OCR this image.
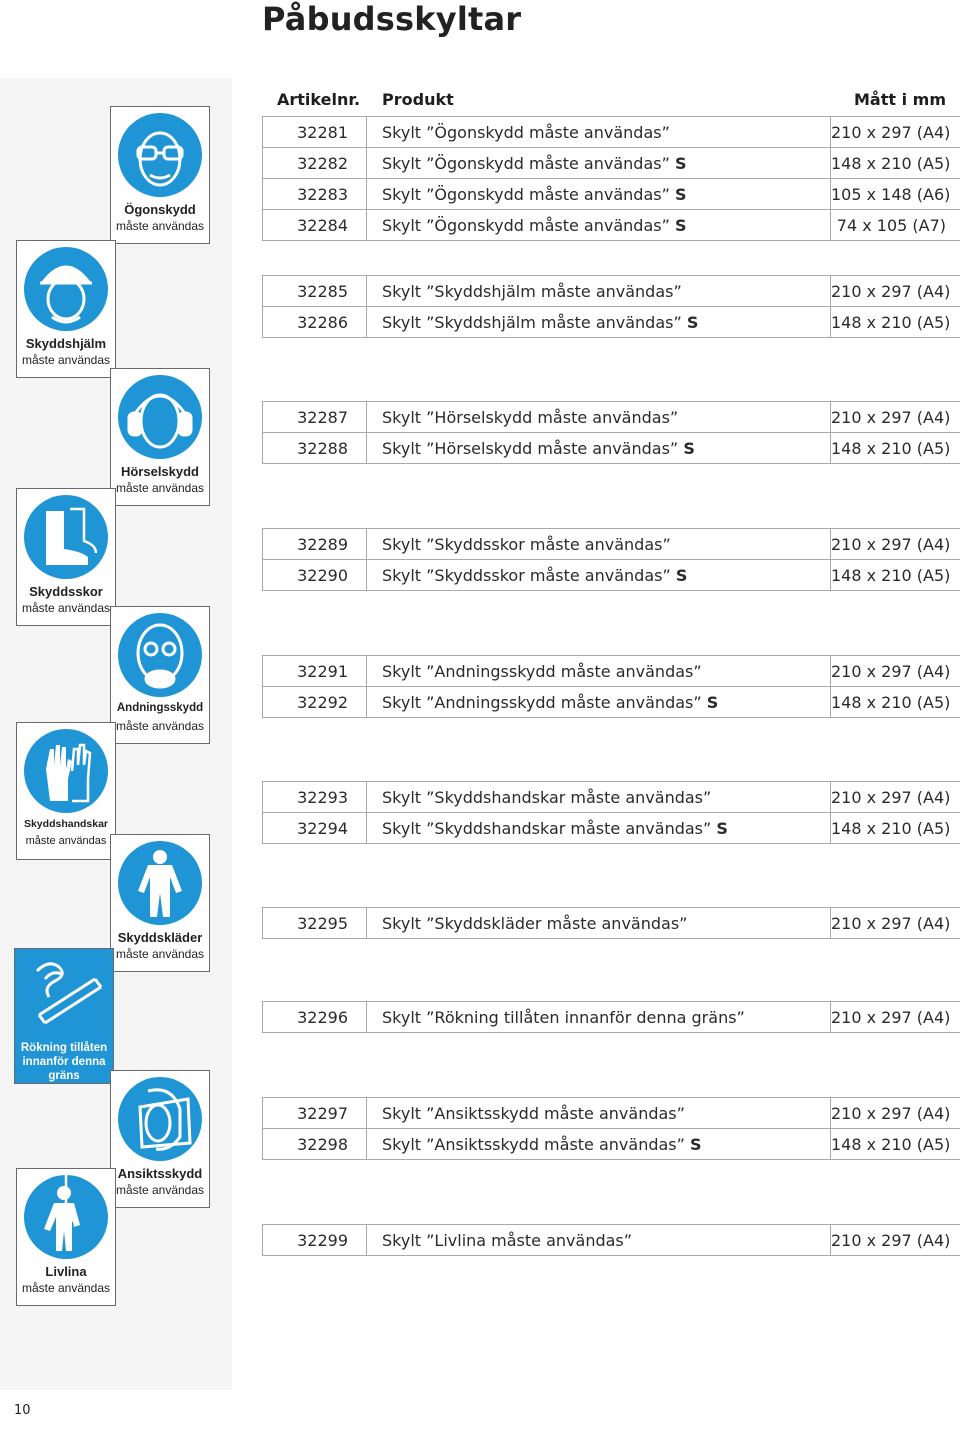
Påbudsskyltar
Artikelnr. Produkt	Mått i mm
32281	Skylt ”Ögonskydd måste användas”	210 x 297 (A4)
32282	Skylt ”Ögonskydd måste användas” S	148 x 210 (A5)
32283	Skylt ”Ögonskydd måste användas” S	105 x 148 (A6)
32284	Skylt ”Ögonskydd måste användas” S	74 x 105 (A7)
32285	Skylt ”Skyddshjälm måste användas”	210 x 297 (A4)
32286	Skylt ”Skyddshjälm måste användas” S	148 x 210 (A5)
32287	Skylt ”Hörselskydd måste användas”	210 x 297 (A4)
32288	Skylt ”Hörselskydd måste användas” S	148 x 210 (A5)
32289	Skylt ”Skyddsskor måste användas”	210 x 297 (A4)
32290	Skylt ”Skyddsskor måste användas” S	148 x 210 (A5)
32291	Skylt ”Andningsskydd måste användas”	210 x 297 (A4)
32292	Skylt ”Andningsskydd måste användas” S	148 x 210 (A5)
32293	Skylt ”Skyddshandskar måste användas”	210 x 297 (A4)
32294	Skylt ”Skyddshandskar måste användas” S	148 x 210 (A5)
32295	Skylt ”Skyddskläder måste användas”	210 x 297 (A4)
32296	Skylt ”Rökning tillåten innanför denna gräns”	210 x 297 (A4)
32297	Skylt ”Ansiktsskydd måste användas”	210 x 297 (A4)
32298	Skylt ”Ansiktsskydd måste användas” S	148 x 210 (A5)
32299	Skylt ”Livlina måste användas”	210 x 297 (A4)
Ögonskydd
måste användas
Skyddshjälm
måste användas
Hörselskydd
måste användas
Skyddsskor
måste användas
Andningsskydd
måste användas
Skyddshandskar
måste användas
Skyddskläder
måste användas
Rökning tillåten
innanför denna
gräns
Ansiktsskydd
måste användas
Livlina
måste användas
10
